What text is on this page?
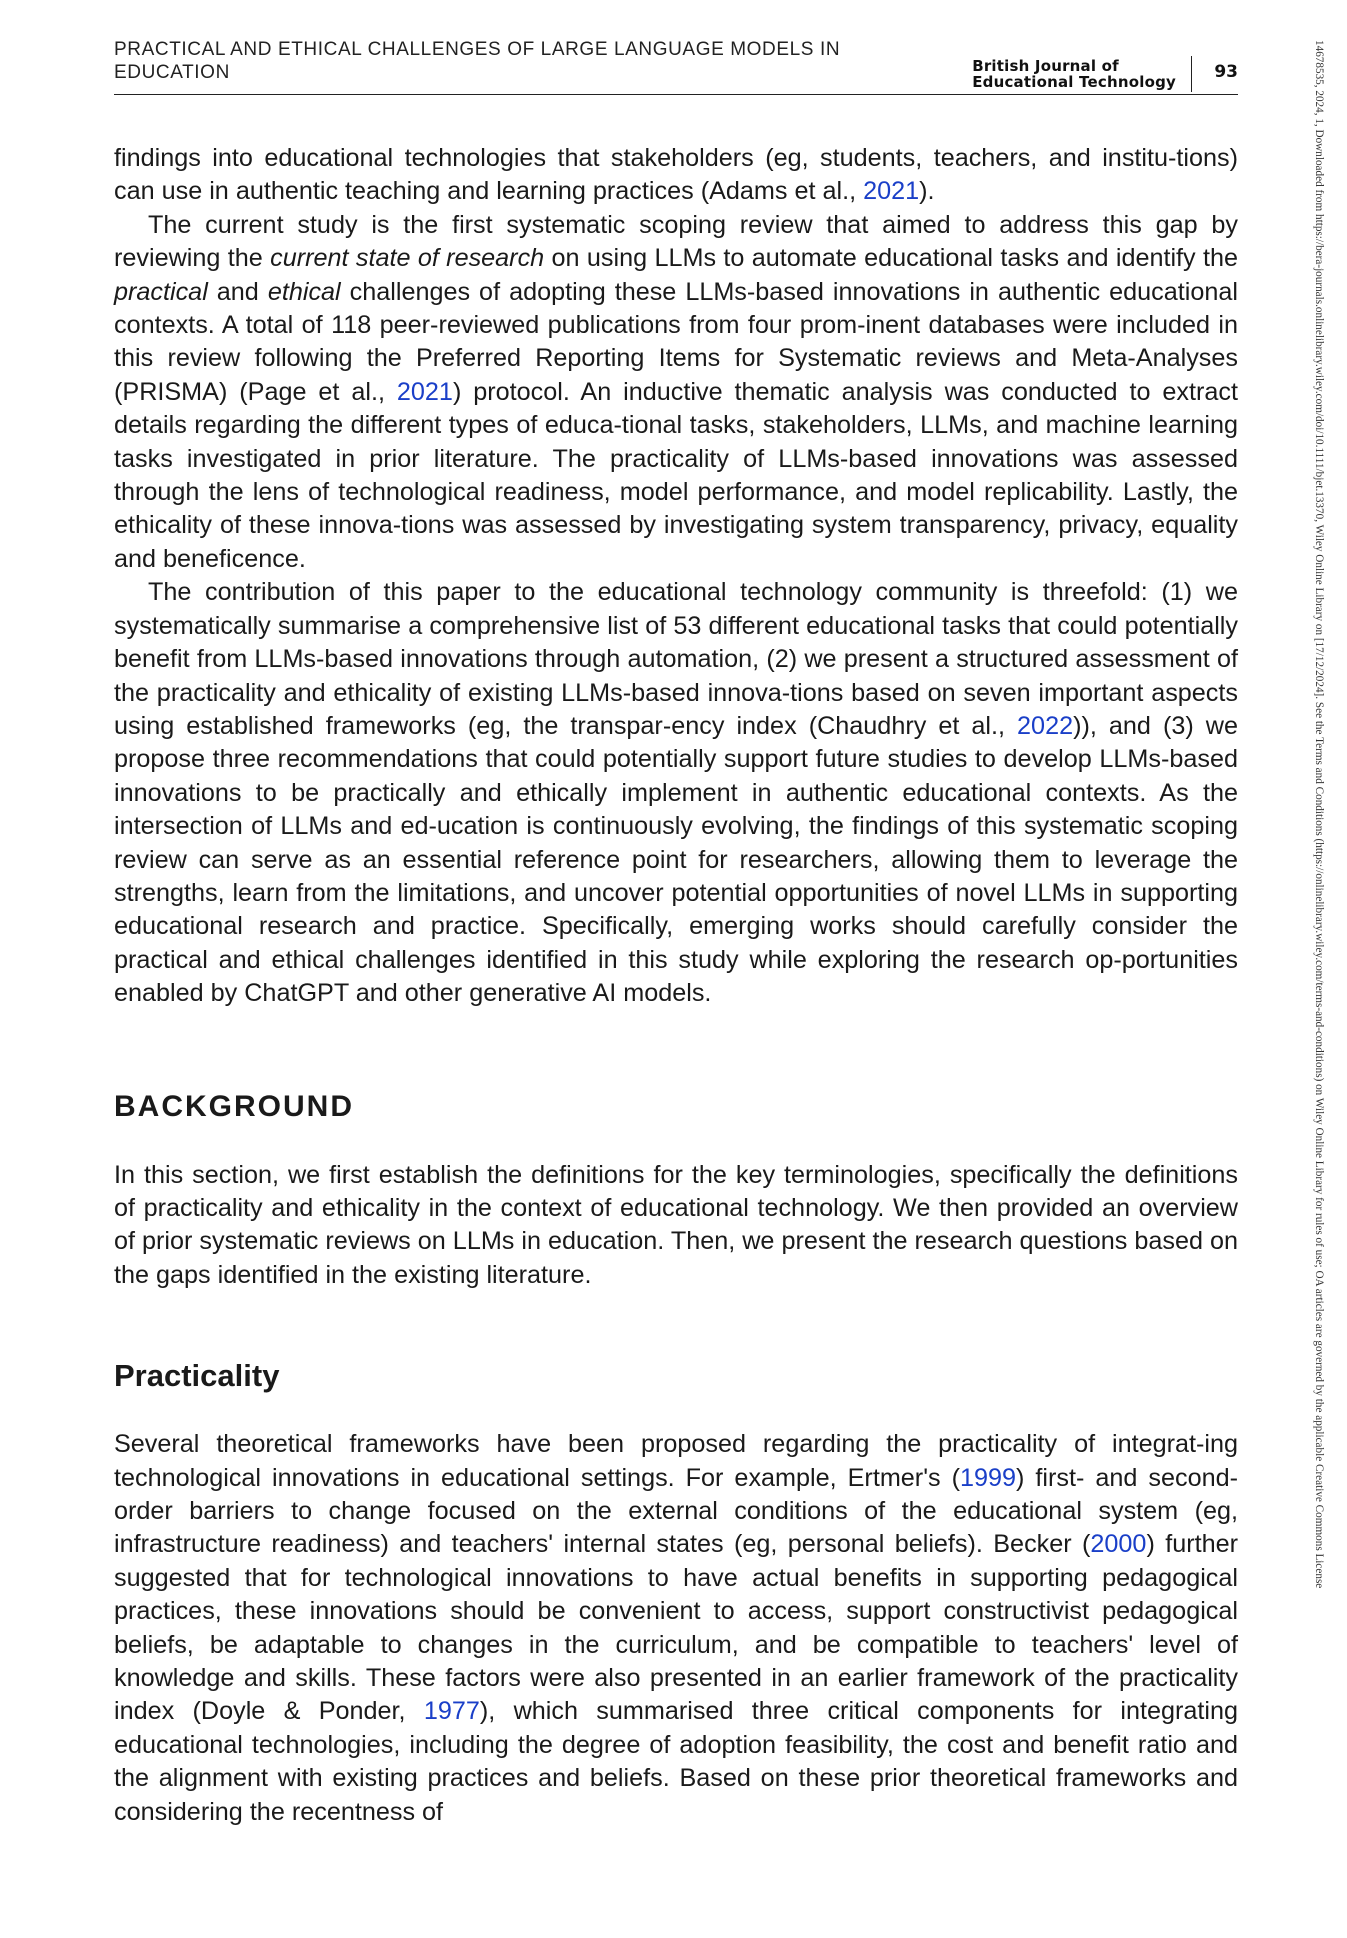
PRACTICAL AND ETHICAL CHALLENGES OF LARGE LANGUAGE MODELS IN
EDUCATION	British Journal of
Educational Technology	93	14678535, 2024, 1, Downloaded from https://bera-journals.onlinelibrary.wiley.com/doi/10.1111/bjet.13370, Wiley Online Library on [17/12/2024]. See the Terms and Conditions (https://onlinelibrary.wiley.com/terms-and-conditions) on Wiley Online Library for rules of use; OA articles are governed by the applicable Creative Commons License

findings into educational technologies that stakeholders (eg, students, teachers, and institu-tions) can use in authentic teaching and learning practices (Adams et al., 2021).

The current study is the first systematic scoping review that aimed to address this gap by reviewing the current state of research on using LLMs to automate educational tasks and identify the practical and ethical challenges of adopting these LLMs-based innovations in authentic educational contexts. A total of 118 peer-reviewed publications from four prom-inent databases were included in this review following the Preferred Reporting Items for Systematic reviews and Meta-Analyses (PRISMA) (Page et al., 2021) protocol. An inductive thematic analysis was conducted to extract details regarding the different types of educa-tional tasks, stakeholders, LLMs, and machine learning tasks investigated in prior literature. The practicality of LLMs-based innovations was assessed through the lens of technological readiness, model performance, and model replicability. Lastly, the ethicality of these innova-tions was assessed by investigating system transparency, privacy, equality and beneficence.

The contribution of this paper to the educational technology community is threefold: (1) we systematically summarise a comprehensive list of 53 different educational tasks that could potentially benefit from LLMs-based innovations through automation, (2) we present a structured assessment of the practicality and ethicality of existing LLMs-based innova-tions based on seven important aspects using established frameworks (eg, the transpar-ency index (Chaudhry et al., 2022)), and (3) we propose three recommendations that could potentially support future studies to develop LLMs-based innovations to be practically and ethically implement in authentic educational contexts. As the intersection of LLMs and ed-ucation is continuously evolving, the findings of this systematic scoping review can serve as an essential reference point for researchers, allowing them to leverage the strengths, learn from the limitations, and uncover potential opportunities of novel LLMs in supporting educational research and practice. Specifically, emerging works should carefully consider the practical and ethical challenges identified in this study while exploring the research op-portunities enabled by ChatGPT and other generative AI models.

BACKGROUND

In this section, we first establish the definitions for the key terminologies, specifically the definitions of practicality and ethicality in the context of educational technology. We then provided an overview of prior systematic reviews on LLMs in education. Then, we present the research questions based on the gaps identified in the existing literature.

Practicality

Several theoretical frameworks have been proposed regarding the practicality of integrat-ing technological innovations in educational settings. For example, Ertmer's (1999) first- and second-order barriers to change focused on the external conditions of the educational system (eg, infrastructure readiness) and teachers' internal states (eg, personal beliefs). Becker (2000) further suggested that for technological innovations to have actual benefits in supporting pedagogical practices, these innovations should be convenient to access, support constructivist pedagogical beliefs, be adaptable to changes in the curriculum, and be compatible to teachers' level of knowledge and skills. These factors were also presented in an earlier framework of the practicality index (Doyle & Ponder, 1977), which summarised three critical components for integrating educational technologies, including the degree of adoption feasibility, the cost and benefit ratio and the alignment with existing practices and beliefs. Based on these prior theoretical frameworks and considering the recentness of
